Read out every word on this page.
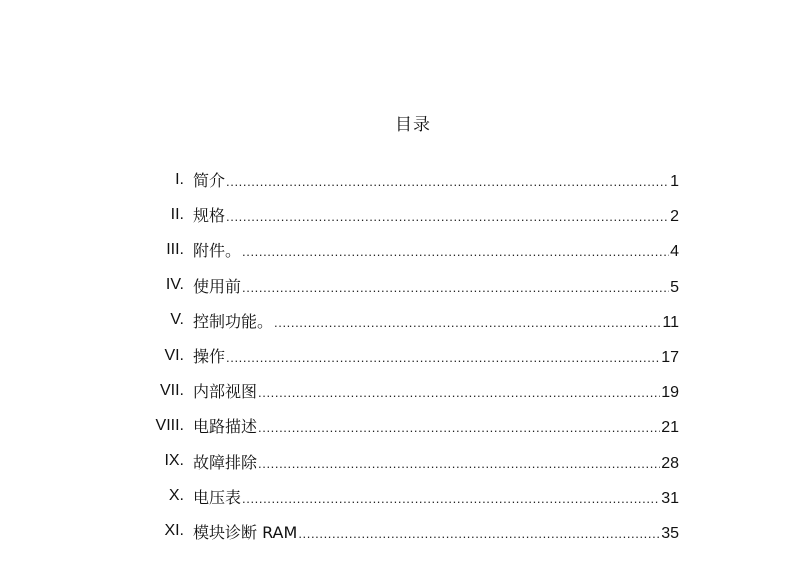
目录
I. 简介 .....	1
II. 规格 .....	2
III. 附件。 .....	4
IV. 使用前 .....	5
V. 控制功能。 .....	11
VI. 操作 .....	17
VII. 内部视图 .....	19
VIII. 电路描述 .....	21
IX. 故障排除 .....	28
X. 电压表 .....	31
XI. 模块诊断 RAM .....	35
